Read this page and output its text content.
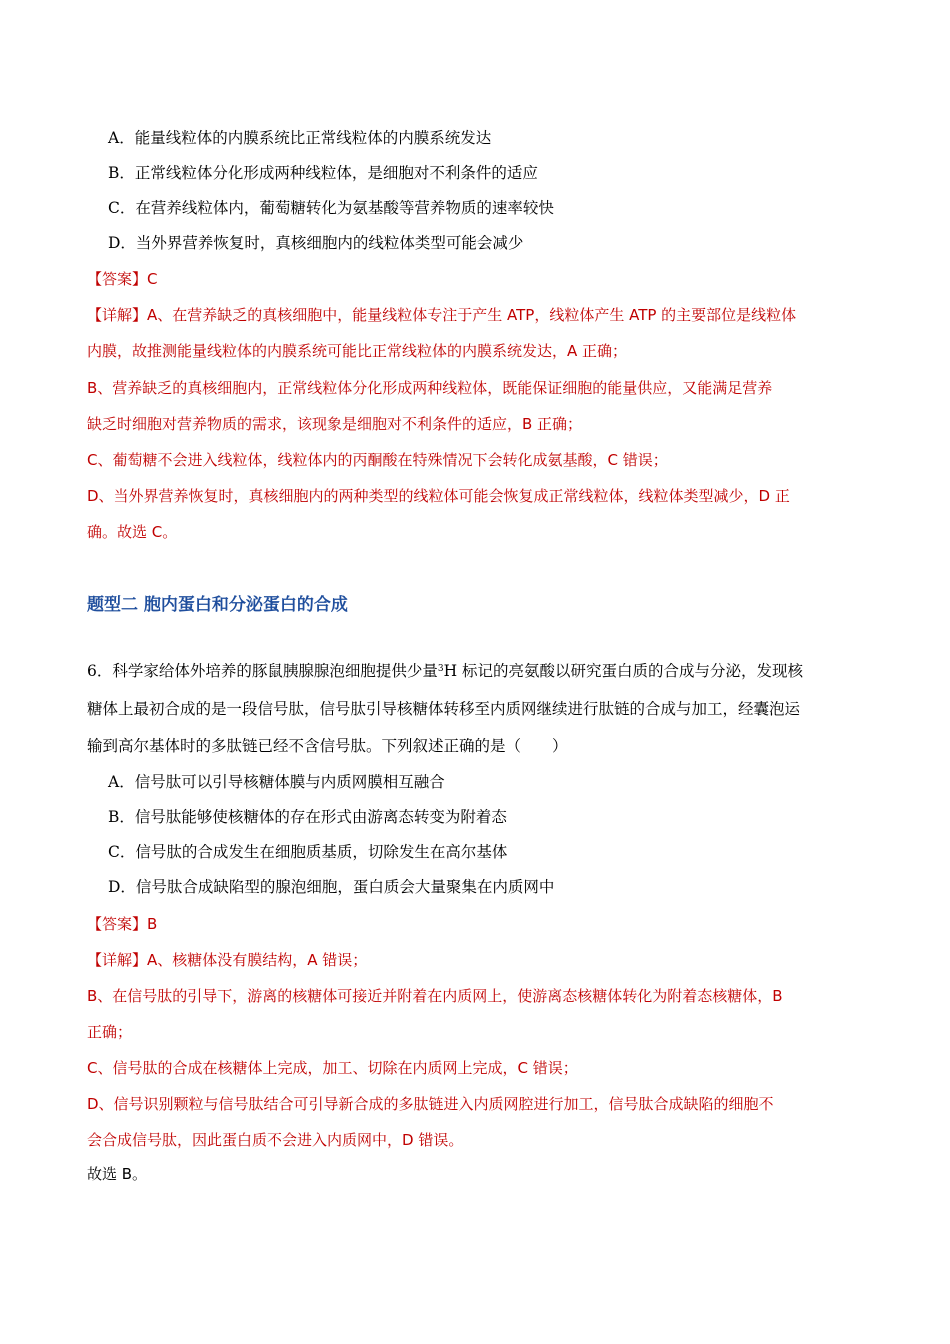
A．能量线粒体的内膜系统比正常线粒体的内膜系统发达
B．正常线粒体分化形成两种线粒体，是细胞对不利条件的适应
C．在营养线粒体内，葡萄糖转化为氨基酸等营养物质的速率较快
D．当外界营养恢复时，真核细胞内的线粒体类型可能会减少
【答案】C
【详解】A、在营养缺乏的真核细胞中，能量线粒体专注于产生 ATP，线粒体产生 ATP 的主要部位是线粒体
内膜，故推测能量线粒体的内膜系统可能比正常线粒体的内膜系统发达，A 正确；
B、营养缺乏的真核细胞内，正常线粒体分化形成两种线粒体，既能保证细胞的能量供应，又能满足营养
缺乏时细胞对营养物质的需求，该现象是细胞对不利条件的适应，B 正确；
C、葡萄糖不会进入线粒体，线粒体内的丙酮酸在特殊情况下会转化成氨基酸，C 错误；
D、当外界营养恢复时，真核细胞内的两种类型的线粒体可能会恢复成正常线粒体，线粒体类型减少，D 正
确。故选 C。
题型二 胞内蛋白和分泌蛋白的合成
6．科学家给体外培养的豚鼠胰腺腺泡细胞提供少量$^3$H 标记的亮氨酸以研究蛋白质的合成与分泌，发现核
糖体上最初合成的是一段信号肽，信号肽引导核糖体转移至内质网继续进行肽链的合成与加工，经囊泡运
输到高尔基体时的多肽链已经不含信号肽。下列叙述正确的是（　　）
A．信号肽可以引导核糖体膜与内质网膜相互融合
B．信号肽能够使核糖体的存在形式由游离态转变为附着态
C．信号肽的合成发生在细胞质基质，切除发生在高尔基体
D．信号肽合成缺陷型的腺泡细胞，蛋白质会大量聚集在内质网中
【答案】B
【详解】A、核糖体没有膜结构，A 错误；
B、在信号肽的引导下，游离的核糖体可接近并附着在内质网上，使游离态核糖体转化为附着态核糖体，B
正确；
C、信号肽的合成在核糖体上完成，加工、切除在内质网上完成，C 错误；
D、信号识别颗粒与信号肽结合可引导新合成的多肽链进入内质网腔进行加工，信号肽合成缺陷的细胞不
会合成信号肽，因此蛋白质不会进入内质网中，D 错误。
故选 B。
